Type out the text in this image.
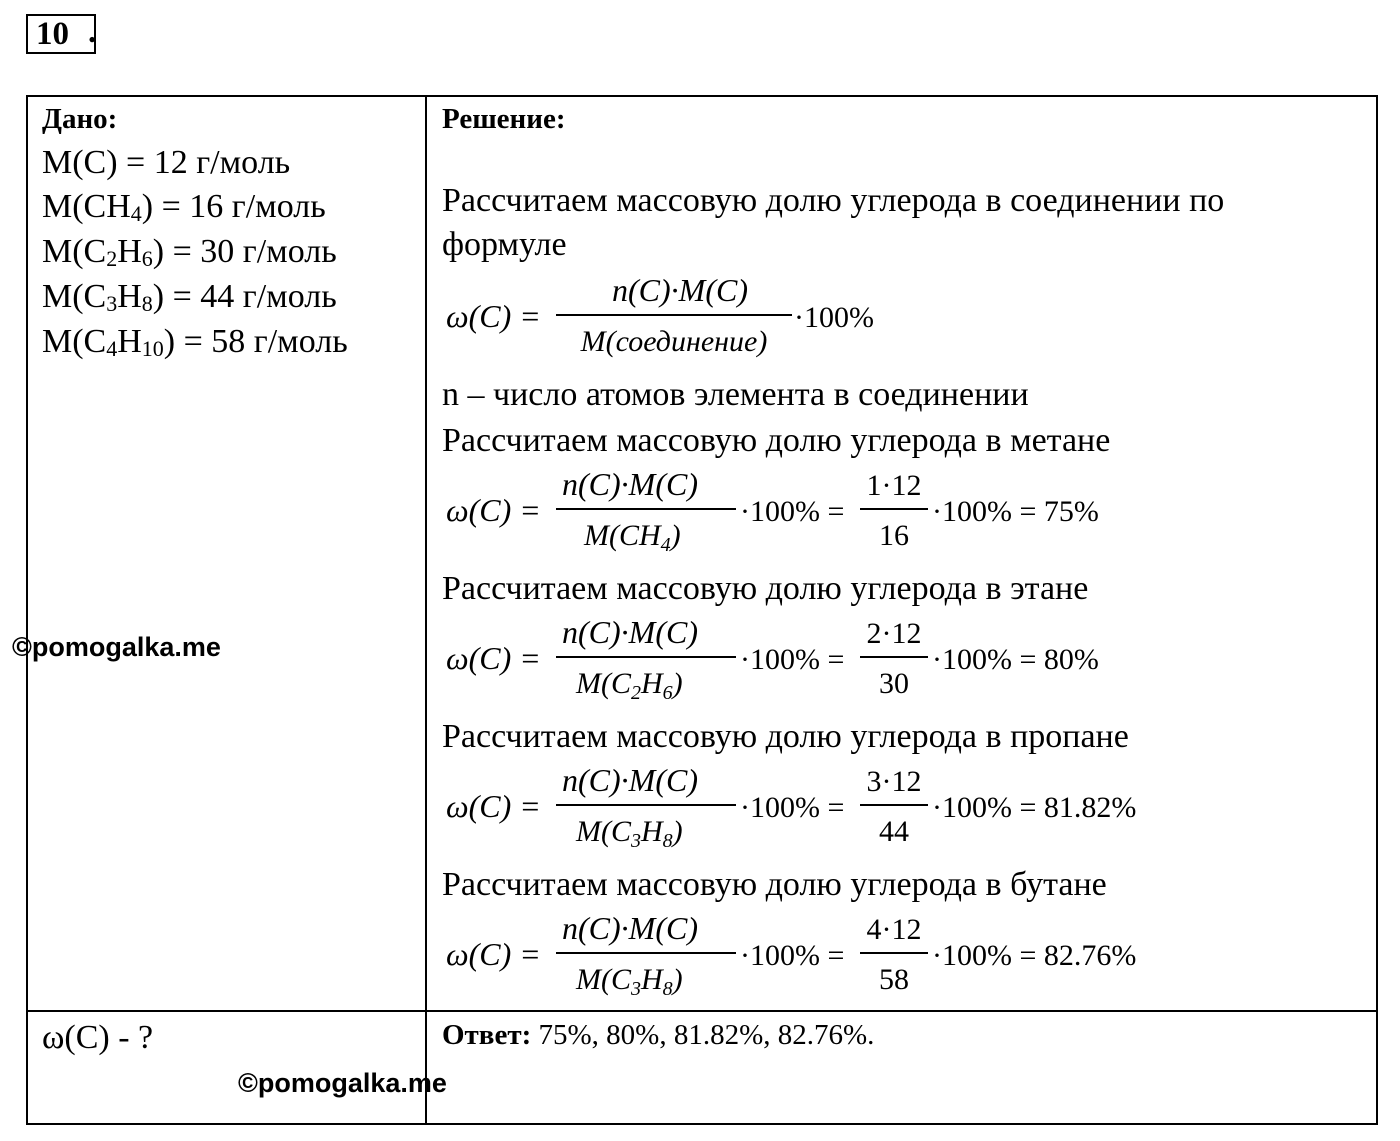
10 .
Дано:
M(C) = 12 г/моль
M(CH4) = 16 г/моль
M(C2H6) = 30 г/моль
M(C3H8) = 44 г/моль
M(C4H10) = 58 г/моль
Решение:
Рассчитаем массовую долю углерода в соединении по
формуле
ω(C) =
n(C)·M(C)
M(соединение)
·100%
n – число атомов элемента в соединении
Рассчитаем массовую долю углерода в метане
ω(C) =
n(C)·M(C)
$M(CH_4)$
·100% =
1·12
16
·100% = 75%
Рассчитаем массовую долю углерода в этане
ω(C) =
n(C)·M(C)
$M(C_2H_6)$
·100% =
2·12
30
·100% = 80%
Рассчитаем массовую долю углерода в пропане
ω(C) =
n(C)·M(C)
$M(C_3H_8)$
·100% =
3·12
44
·100% = 81.82%
Рассчитаем массовую долю углерода в бутане
ω(C) =
n(C)·M(C)
$M(C_3H_8)$
·100% =
4·12
58
·100% = 82.76%
ω(C) - ?	Ответ: 75%, 80%, 81.82%, 82.76%.
©pomogalka.me
©pomogalka.me
